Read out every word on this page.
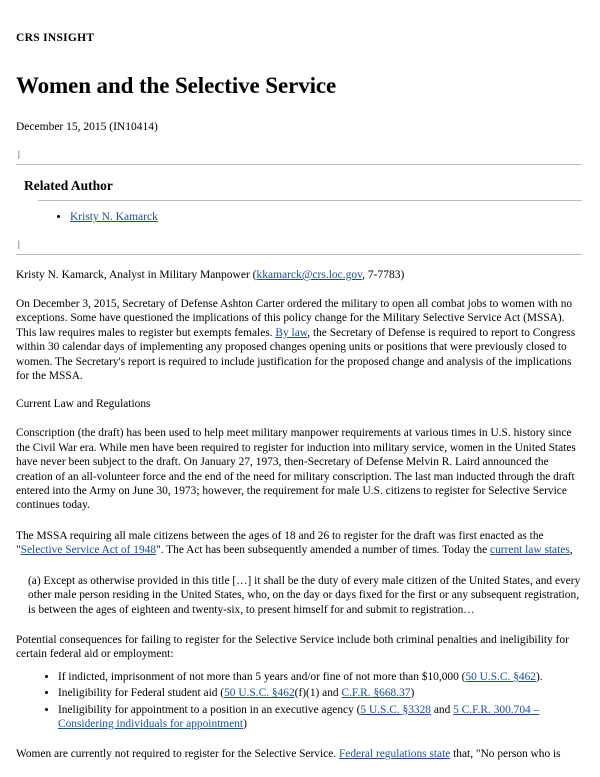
CRS INSIGHT
Women and the Selective Service
December 15, 2015 (IN10414)
|
Related Author
• Kristy N. Kamarck
|
Kristy N. Kamarck, Analyst in Military Manpower (kkamarck@crs.loc.gov, 7-7783)

On December 3, 2015, Secretary of Defense Ashton Carter ordered the military to open all combat jobs to women with no exceptions. Some have questioned the implications of this policy change for the Military Selective Service Act (MSSA). This law requires males to register but exempts females. By law, the Secretary of Defense is required to report to Congress within 30 calendar days of implementing any proposed changes opening units or positions that were previously closed to women. The Secretary's report is required to include justification for the proposed change and analysis of the implications for the MSSA.

Current Law and Regulations

Conscription (the draft) has been used to help meet military manpower requirements at various times in U.S. history since the Civil War era. While men have been required to register for induction into military service, women in the United States have never been subject to the draft. On January 27, 1973, then-Secretary of Defense Melvin R. Laird announced the creation of an all-volunteer force and the end of the need for military conscription. The last man inducted through the draft entered into the Army on June 30, 1973; however, the requirement for male U.S. citizens to register for Selective Service continues today.

The MSSA requiring all male citizens between the ages of 18 and 26 to register for the draft was first enacted as the "Selective Service Act of 1948". The Act has been subsequently amended a number of times. Today the current law states,

(a) Except as otherwise provided in this title […] it shall be the duty of every male citizen of the United States, and every other male person residing in the United States, who, on the day or days fixed for the first or any subsequent registration, is between the ages of eighteen and twenty-six, to present himself for and submit to registration…

Potential consequences for failing to register for the Selective Service include both criminal penalties and ineligibility for certain federal aid or employment:

• If indicted, imprisonment of not more than 5 years and/or fine of not more than $10,000 (50 U.S.C. §462).
• Ineligibility for Federal student aid (50 U.S.C. §462(f)(1) and C.F.R. §668.37)
• Ineligibility for appointment to a position in an executive agency (5 U.S.C. §3328 and 5 C.F.R. 300.704 – Considering individuals for appointment)

Women are currently not required to register for the Selective Service. Federal regulations state that, "No person who is
